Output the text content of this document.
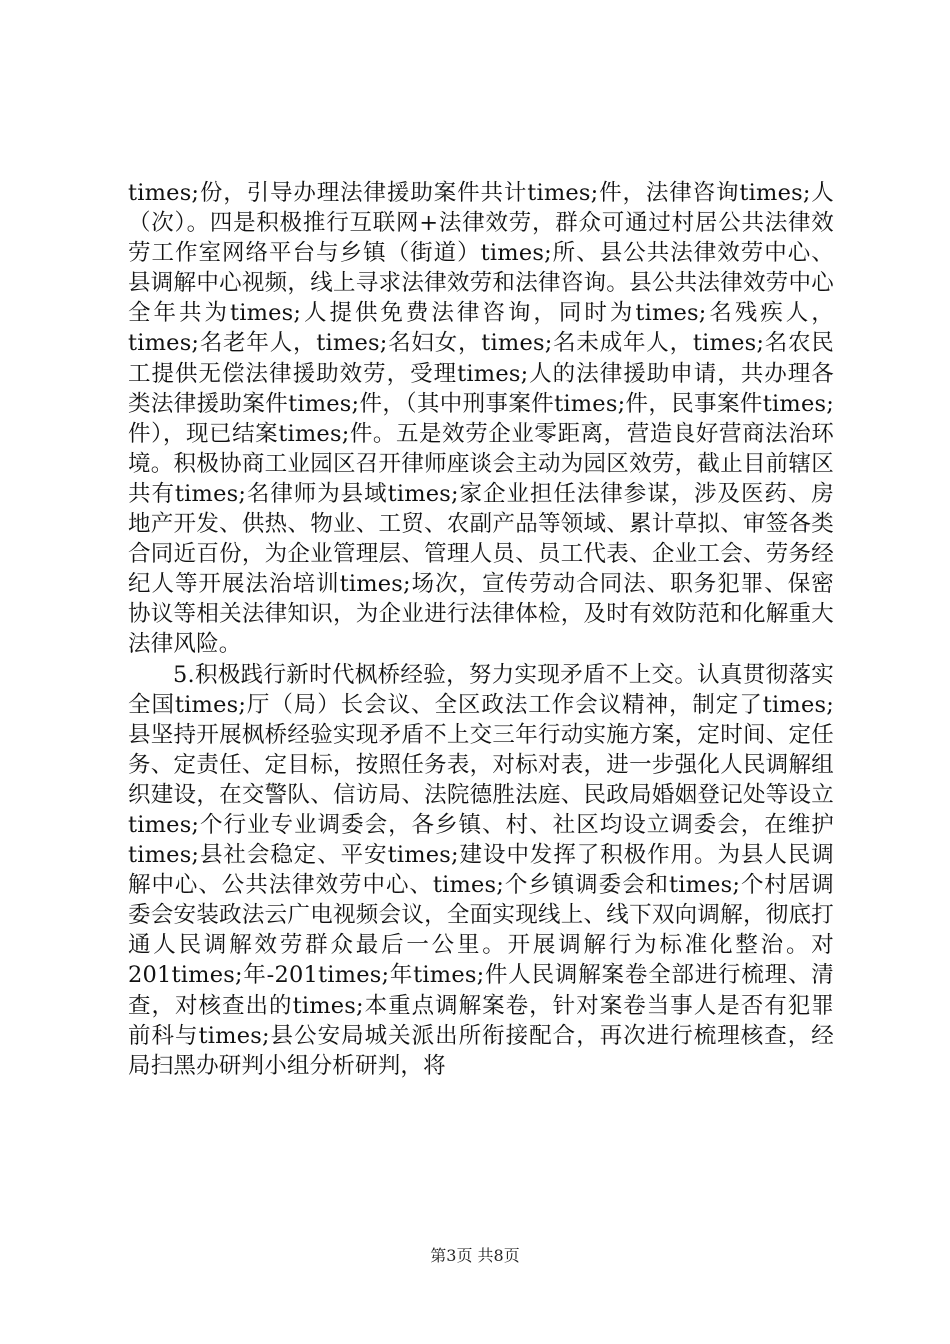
times;份，引导办理法律援助案件共计times;件，法律咨询times;人（次）。四是积极推行互联网+法律效劳，群众可通过村居公共法律效劳工作室网络平台与乡镇（街道）times;所、县公共法律效劳中心、县调解中心视频，线上寻求法律效劳和法律咨询。县公共法律效劳中心全年共为times;人提供免费法律咨询，同时为times;名残疾人，times;名老年人，times;名妇女，times;名未成年人，times;名农民工提供无偿法律援助效劳，受理times;人的法律援助申请，共办理各类法律援助案件times;件，（其中刑事案件times;件，民事案件times;件），现已结案times;件。五是效劳企业零距离，营造良好营商法治环境。积极协商工业园区召开律师座谈会主动为园区效劳，截止目前辖区共有times;名律师为县域times;家企业担任法律参谋，涉及医药、房地产开发、供热、物业、工贸、农副产品等领域、累计草拟、审签各类合同近百份，为企业管理层、管理人员、员工代表、企业工会、劳务经纪人等开展法治培训times;场次，宣传劳动合同法、职务犯罪、保密协议等相关法律知识，为企业进行法律体检，及时有效防范和化解重大法律风险。

5.积极践行新时代枫桥经验，努力实现矛盾不上交。认真贯彻落实全国times;厅（局）长会议、全区政法工作会议精神，制定了times;县坚持开展枫桥经验实现矛盾不上交三年行动实施方案，定时间、定任务、定责任、定目标，按照任务表，对标对表，进一步强化人民调解组织建设，在交警队、信访局、法院德胜法庭、民政局婚姻登记处等设立times;个行业专业调委会，各乡镇、村、社区均设立调委会，在维护times;县社会稳定、平安times;建设中发挥了积极作用。为县人民调解中心、公共法律效劳中心、times;个乡镇调委会和times;个村居调委会安装政法云广电视频会议，全面实现线上、线下双向调解，彻底打通人民调解效劳群众最后一公里。开展调解行为标准化整治。对201times;年-201times;年times;件人民调解案卷全部进行梳理、清查，对核查出的times;本重点调解案卷，针对案卷当事人是否有犯罪前科与times;县公安局城关派出所衔接配合，再次进行梳理核查，经局扫黑办研判小组分析研判，将

第3页 共8页
